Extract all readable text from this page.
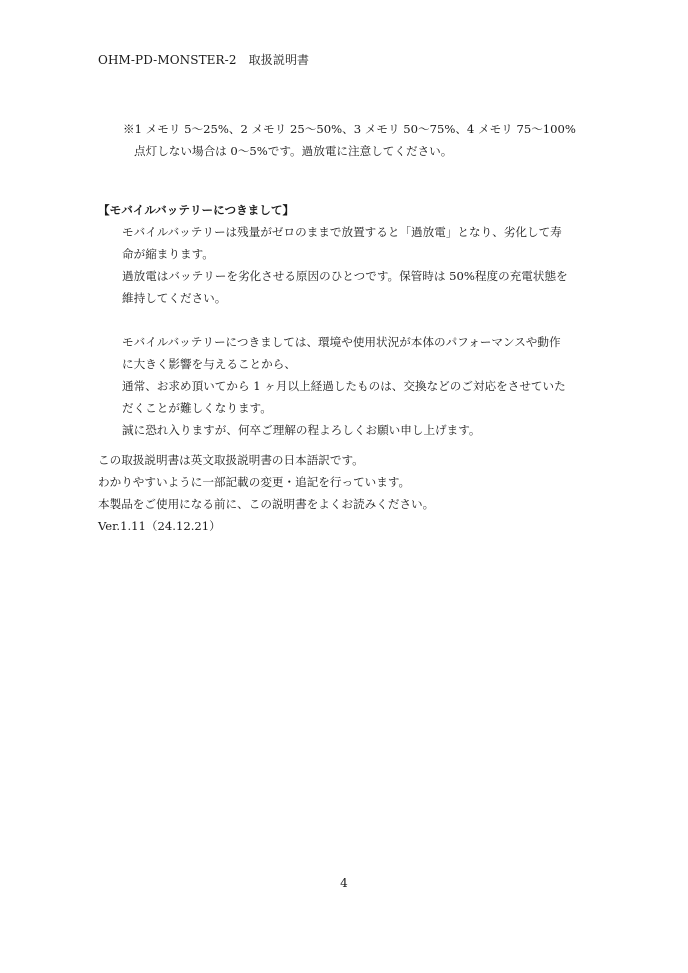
OHM-PD-MONSTER-2　取扱説明書
※1 メモリ 5〜25%、2 メモリ 25〜50%、3 メモリ 50〜75%、4 メモリ 75〜100%
点灯しない場合は 0〜5%です。過放電に注意してください。
【モバイルバッテリーにつきまして】
モバイルバッテリーは残量がゼロのままで放置すると「過放電」となり、劣化して寿
命が縮まります。
過放電はバッテリーを劣化させる原因のひとつです。保管時は 50%程度の充電状態を
維持してください。
モバイルバッテリーにつきましては、環境や使用状況が本体のパフォーマンスや動作
に大きく影響を与えることから、
通常、お求め頂いてから 1 ヶ月以上経過したものは、交換などのご対応をさせていた
だくことが難しくなります。
誠に恐れ入りますが、何卒ご理解の程よろしくお願い申し上げます。
この取扱説明書は英文取扱説明書の日本語訳です。
わかりやすいように一部記載の変更・追記を行っています。
本製品をご使用になる前に、この説明書をよくお読みください。
Ver.1.11（24.12.21）
4
